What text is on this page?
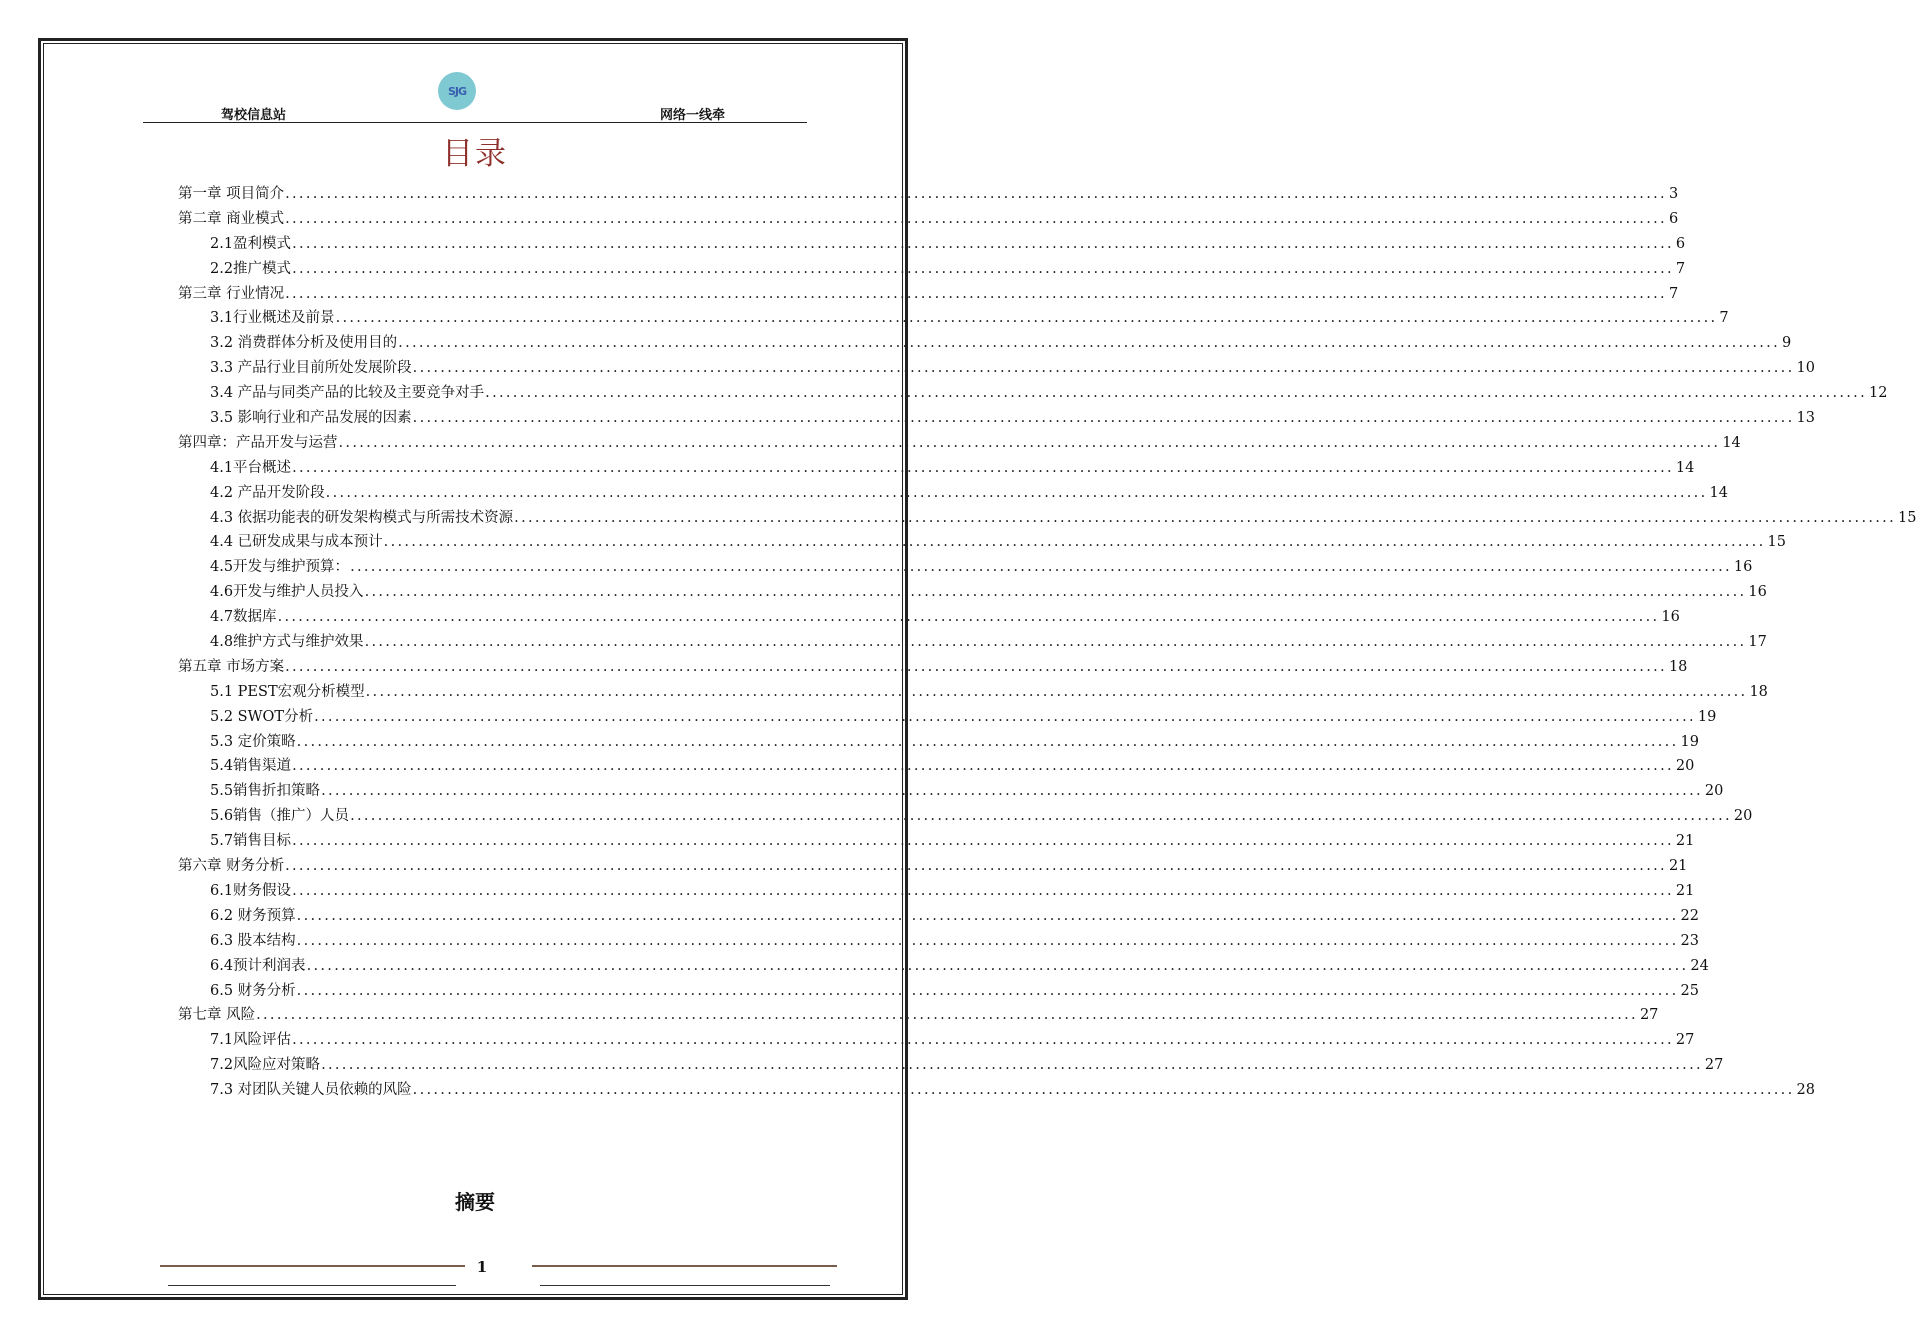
SJG
驾校信息站	网络一线牵
目录
第一章 项目简介 ........................................................................................................................................................................................................ 3
第二章 商业模式 ........................................................................................................................................................................................................ 6
2.1盈利模式 ........................................................................................................................................................................................................ 6
2.2推广模式 ........................................................................................................................................................................................................ 7
第三章 行业情况 ........................................................................................................................................................................................................ 7
3.1行业概述及前景 ........................................................................................................................................................................................................ 7
3.2 消费群体分析及使用目的 ........................................................................................................................................................................................................ 9
3.3 产品行业目前所处发展阶段 ........................................................................................................................................................................................................ 10
3.4 产品与同类产品的比较及主要竞争对手 ........................................................................................................................................................................................................ 12
3.5 影响行业和产品发展的因素 ........................................................................................................................................................................................................ 13
第四章：产品开发与运营 ........................................................................................................................................................................................................ 14
4.1平台概述 ........................................................................................................................................................................................................ 14
4.2 产品开发阶段 ........................................................................................................................................................................................................ 14
4.3 依据功能表的研发架构模式与所需技术资源 ........................................................................................................................................................................................................ 15
4.4 已研发成果与成本预计 ........................................................................................................................................................................................................ 15
4.5开发与维护预算： ........................................................................................................................................................................................................ 16
4.6开发与维护人员投入 ........................................................................................................................................................................................................ 16
4.7数据库 ........................................................................................................................................................................................................ 16
4.8维护方式与维护效果 ........................................................................................................................................................................................................ 17
第五章 市场方案 ........................................................................................................................................................................................................ 18
5.1 PEST宏观分析模型 ........................................................................................................................................................................................................ 18
5.2 SWOT分析 ........................................................................................................................................................................................................ 19
5.3 定价策略 ........................................................................................................................................................................................................ 19
5.4销售渠道 ........................................................................................................................................................................................................ 20
5.5销售折扣策略 ........................................................................................................................................................................................................ 20
5.6销售（推广）人员 ........................................................................................................................................................................................................ 20
5.7销售目标 ........................................................................................................................................................................................................ 21
第六章 财务分析 ........................................................................................................................................................................................................ 21
6.1财务假设 ........................................................................................................................................................................................................ 21
6.2 财务预算 ........................................................................................................................................................................................................ 22
6.3 股本结构 ........................................................................................................................................................................................................ 23
6.4预计利润表 ........................................................................................................................................................................................................ 24
6.5 财务分析 ........................................................................................................................................................................................................ 25
第七章 风险 ........................................................................................................................................................................................................ 27
7.1风险评估 ........................................................................................................................................................................................................ 27
7.2风险应对策略 ........................................................................................................................................................................................................ 27
7.3 对团队关键人员依赖的风险 ........................................................................................................................................................................................................ 28
摘要
1
